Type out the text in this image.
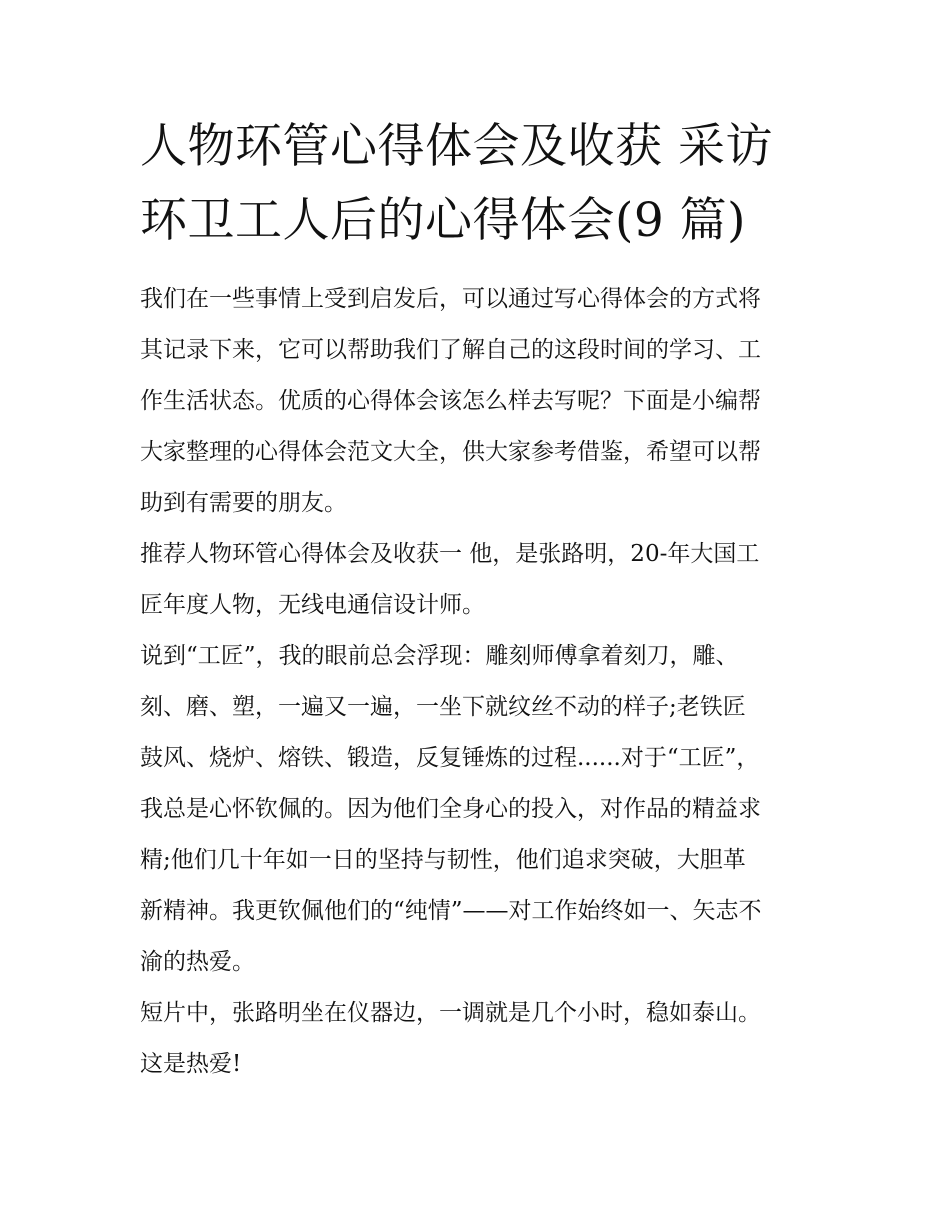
人物环管心得体会及收获 采访
环卫工人后的心得体会(9 篇)

我们在一些事情上受到启发后，可以通过写心得体会的方式将
其记录下来，它可以帮助我们了解自己的这段时间的学习、工
作生活状态。优质的心得体会该怎么样去写呢？下面是小编帮
大家整理的心得体会范文大全，供大家参考借鉴，希望可以帮
助到有需要的朋友。

推荐人物环管心得体会及收获一 他，是张路明，20-年大国工
匠年度人物，无线电通信设计师。

说到“工匠”，我的眼前总会浮现：雕刻师傅拿着刻刀，雕、
刻、磨、塑，一遍又一遍，一坐下就纹丝不动的样子;老铁匠
鼓风、烧炉、熔铁、锻造，反复锤炼的过程......对于“工匠”，
我总是心怀钦佩的。因为他们全身心的投入，对作品的精益求
精;他们几十年如一日的坚持与韧性，他们追求突破，大胆革
新精神。我更钦佩他们的“纯情”——对工作始终如一、矢志不
渝的热爱。

短片中，张路明坐在仪器边，一调就是几个小时，稳如泰山。
这是热爱!
